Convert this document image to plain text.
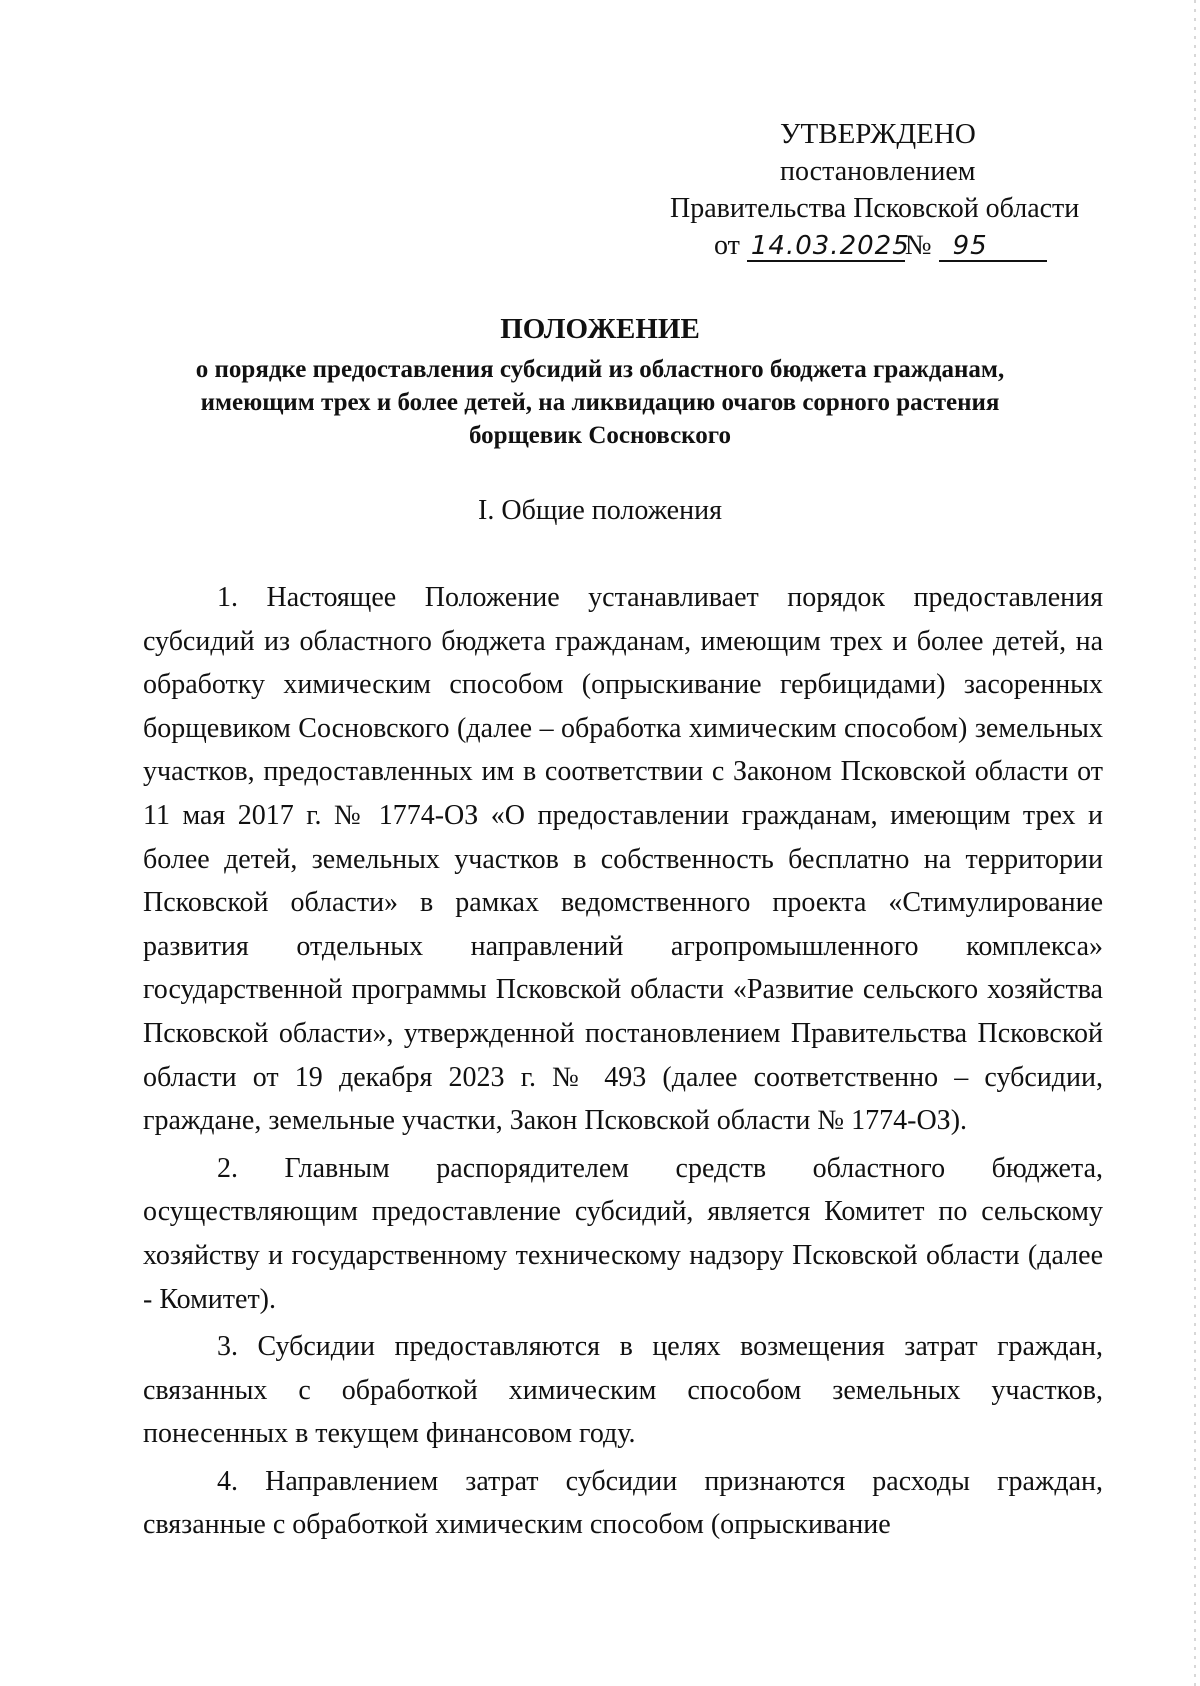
УТВЕРЖДЕНО
постановлением
Правительства Псковской области
от 14.03.2025№ 95
ПОЛОЖЕНИЕ
о порядке предоставления субсидий из областного бюджета гражданам, имеющим трех и более детей, на ликвидацию очагов сорного растения борщевик Сосновского
I. Общие положения

1. Настоящее Положение устанавливает порядок предоставления субсидий из областного бюджета гражданам, имеющим трех и более детей, на обработку химическим способом (опрыскивание гербицидами) засоренных борщевиком Сосновского (далее – обработка химическим способом) земельных участков, предоставленных им в соответствии с Законом Псковской области от 11 мая 2017 г. № 1774-ОЗ «О предоставлении гражданам, имеющим трех и более детей, земельных участков в собственность бесплатно на территории Псковской области» в рамках ведомственного проекта «Стимулирование развития отдельных направлений агропромышленного комплекса» государственной программы Псковской области «Развитие сельского хозяйства Псковской области», утвержденной постановлением Правительства Псковской области от 19 декабря 2023 г. № 493 (далее соответственно – субсидии, граждане, земельные участки, Закон Псковской области № 1774-ОЗ).

2. Главным распорядителем средств областного бюджета, осуществляющим предоставление субсидий, является Комитет по сельскому хозяйству и государственному техническому надзору Псковской области (далее - Комитет).

3. Субсидии предоставляются в целях возмещения затрат граждан, связанных с обработкой химическим способом земельных участков, понесенных в текущем финансовом году.

4. Направлением затрат субсидии признаются расходы граждан, связанные с обработкой химическим способом (опрыскивание
